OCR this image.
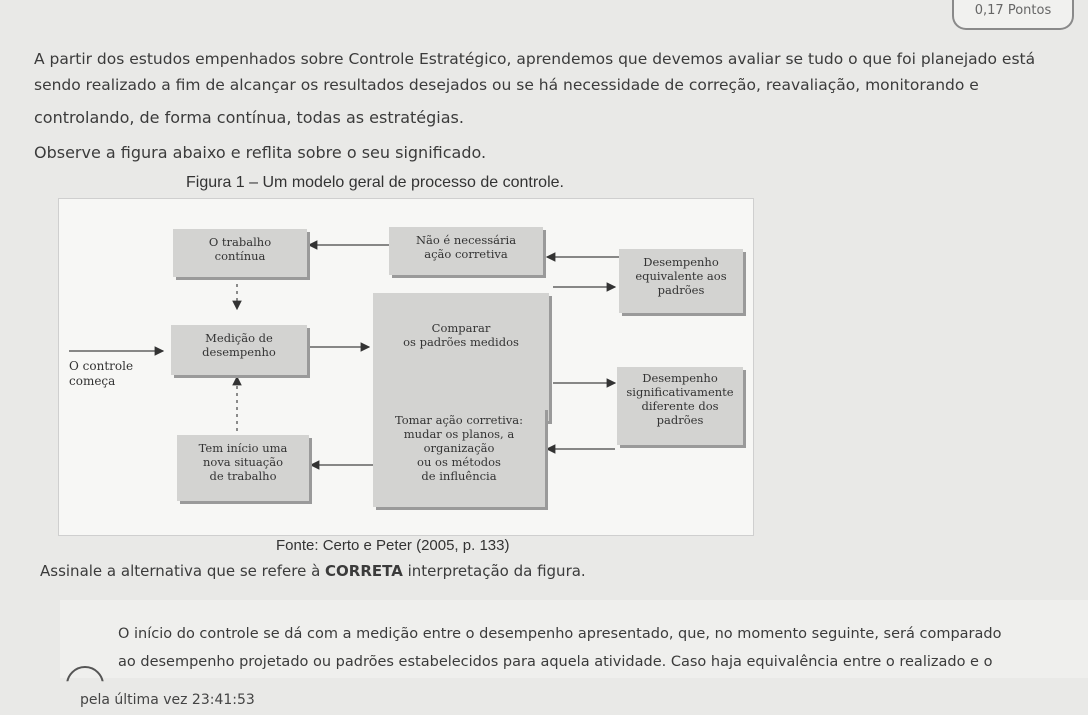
0,17 Pontos
A partir dos estudos empenhados sobre Controle Estratégico, aprendemos que devemos avaliar se tudo o que foi planejado está
sendo realizado a fim de alcançar os resultados desejados ou se há necessidade de correção, reavaliação, monitorando e
controlando, de forma contínua, todas as estratégias.
Observe a figura abaixo e reflita sobre o seu significado.
Figura 1 – Um modelo geral de processo de controle.
O trabalho
contínua
Não é necessária
ação corretiva
Desempenho
equivalente aos
padrões
Medição de
desempenho
Comparar
os padrões medidos
Desempenho
significativamente
diferente dos
padrões
Tem início uma
nova situação
de trabalho
Tomar ação corretiva:
mudar os planos, a
organização
ou os métodos
de influência
O controle
começa
Fonte: Certo e Peter (2005, p. 133)
Assinale a alternativa que se refere à CORRETA interpretação da figura.
O início do controle se dá com a medição entre o desempenho apresentado, que, no momento seguinte, será comparado
ao desempenho projetado ou padrões estabelecidos para aquela atividade. Caso haja equivalência entre o realizado e o
pela última vez 23:41:53
